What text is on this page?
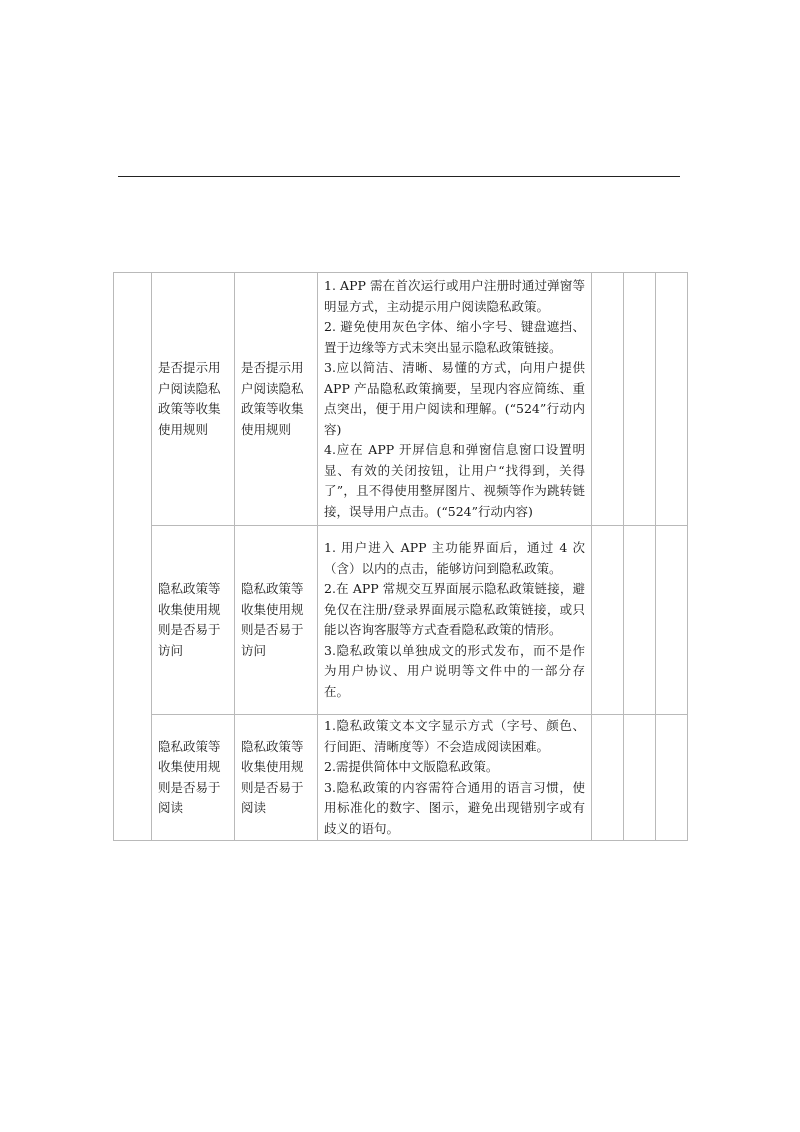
	是否提示用户阅读隐私政策等收集使用规则	是否提示用户阅读隐私政策等收集使用规则	1. APP 需在首次运行或用户注册时通过弹窗等明显方式，主动提示用户阅读隐私政策。

2. 避免使用灰色字体、缩小字号、键盘遮挡、置于边缘等方式未突出显示隐私政策链接。

3.应以简洁、清晰、易懂的方式，向用户提供 APP 产品隐私政策摘要，呈现内容应简练、重点突出，便于用户阅读和理解。(“524”行动内容)

4.应在 APP 开屏信息和弹窗信息窗口设置明显、有效的关闭按钮，让用户“找得到，关得了”，且不得使用整屏图片、视频等作为跳转链接，误导用户点击。(“524”行动内容)			

	隐私政策等收集使用规则是否易于访问	隐私政策等收集使用规则是否易于访问	1. 用户进入 APP 主功能界面后，通过 4 次（含）以内的点击，能够访问到隐私政策。

2.在 APP 常规交互界面展示隐私政策链接，避免仅在注册/登录界面展示隐私政策链接，或只能以咨询客服等方式查看隐私政策的情形。

3.隐私政策以单独成文的形式发布，而不是作为用户协议、用户说明等文件中的一部分存在。			

	隐私政策等收集使用规则是否易于阅读	隐私政策等收集使用规则是否易于阅读	1.隐私政策文本文字显示方式（字号、颜色、行间距、清晰度等）不会造成阅读困难。

2.需提供简体中文版隐私政策。

3.隐私政策的内容需符合通用的语言习惯，使用标准化的数字、图示，避免出现错别字或有歧义的语句。			
